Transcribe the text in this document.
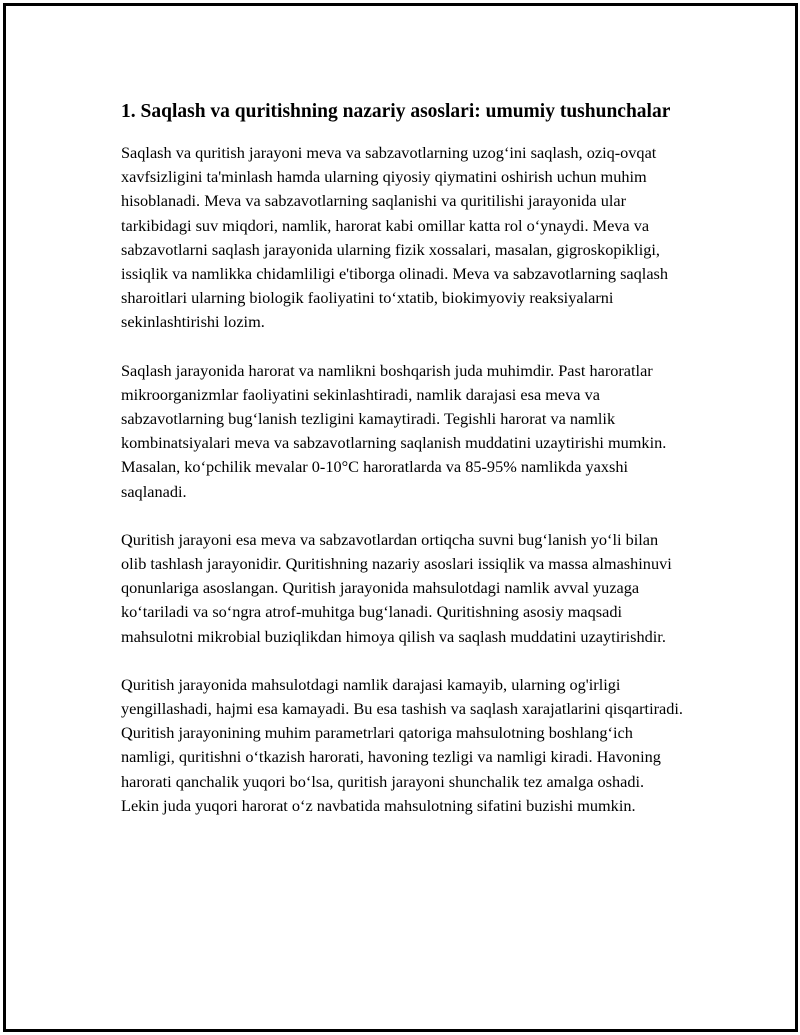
1. Saqlash va quritishning nazariy asoslari: umumiy tushunchalar

Saqlash va quritish jarayoni meva va sabzavotlarning uzog‘ini saqlash, oziq-ovqat xavfsizligini ta'minlash hamda ularning qiyosiy qiymatini oshirish uchun muhim hisoblanadi. Meva va sabzavotlarning saqlanishi va quritilishi jarayonida ular tarkibidagi suv miqdori, namlik, harorat kabi omillar katta rol o‘ynaydi. Meva va sabzavotlarni saqlash jarayonida ularning fizik xossalari, masalan, gigroskopikligi, issiqlik va namlikka chidamliligi e'tiborga olinadi. Meva va sabzavotlarning saqlash sharoitlari ularning biologik faoliyatini to‘xtatib, biokimyoviy reaksiyalarni sekinlashtirishi lozim.

Saqlash jarayonida harorat va namlikni boshqarish juda muhimdir. Past haroratlar mikroorganizmlar faoliyatini sekinlashtiradi, namlik darajasi esa meva va sabzavotlarning bug‘lanish tezligini kamaytiradi. Tegishli harorat va namlik kombinatsiyalari meva va sabzavotlarning saqlanish muddatini uzaytirishi mumkin. Masalan, ko‘pchilik mevalar 0-10°C haroratlarda va 85-95% namlikda yaxshi saqlanadi.

Quritish jarayoni esa meva va sabzavotlardan ortiqcha suvni bug‘lanish yo‘li bilan olib tashlash jarayonidir. Quritishning nazariy asoslari issiqlik va massa almashinuvi qonunlariga asoslangan. Quritish jarayonida mahsulotdagi namlik avval yuzaga ko‘tariladi va so‘ngra atrof-muhitga bug‘lanadi. Quritishning asosiy maqsadi mahsulotni mikrobial buziqlikdan himoya qilish va saqlash muddatini uzaytirishdir.

Quritish jarayonida mahsulotdagi namlik darajasi kamayib, ularning og'irligi yengillashadi, hajmi esa kamayadi. Bu esa tashish va saqlash xarajatlarini qisqartiradi. Quritish jarayonining muhim parametrlari qatoriga mahsulotning boshlang‘ich namligi, quritishni o‘tkazish harorati, havoning tezligi va namligi kiradi. Havoning harorati qanchalik yuqori bo‘lsa, quritish jarayoni shunchalik tez amalga oshadi. Lekin juda yuqori harorat o‘z navbatida mahsulotning sifatini buzishi mumkin.
